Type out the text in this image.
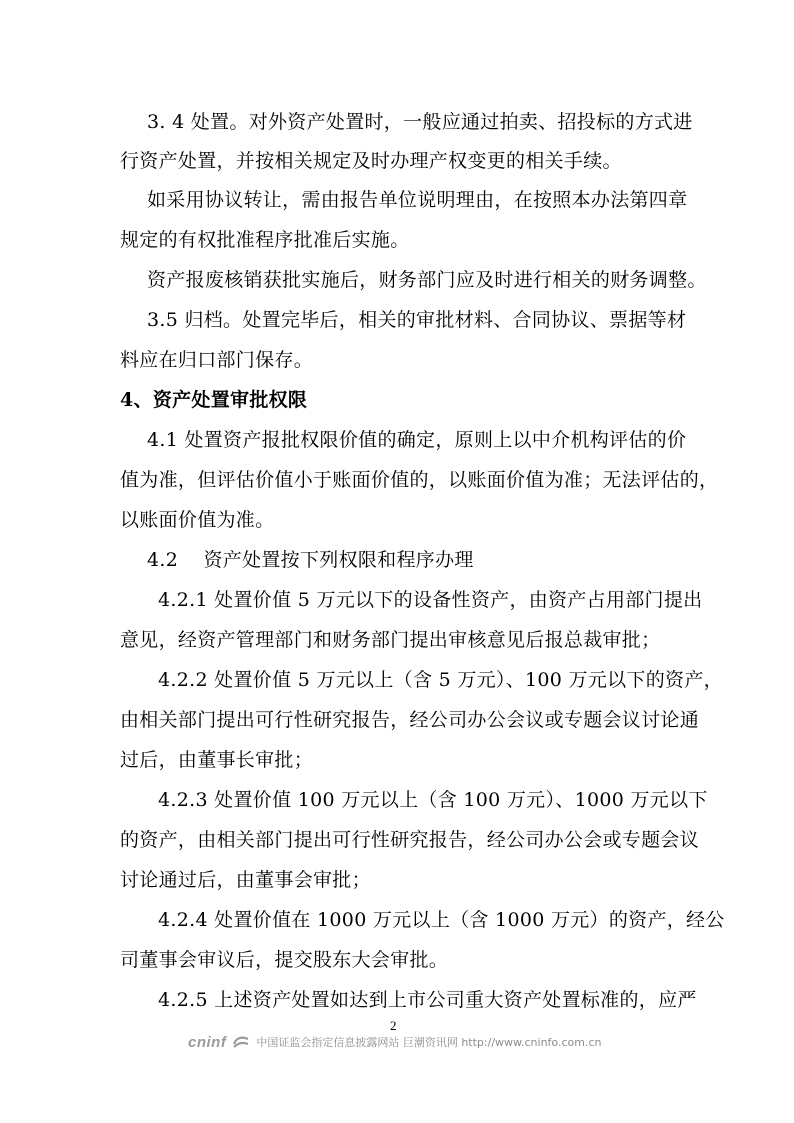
3. 4 处置。对外资产处置时，一般应通过拍卖、招投标的方式进
行资产处置，并按相关规定及时办理产权变更的相关手续。
如采用协议转让，需由报告单位说明理由，在按照本办法第四章
规定的有权批准程序批准后实施。
资产报废核销获批实施后，财务部门应及时进行相关的财务调整。
3.5 归档。处置完毕后，相关的审批材料、合同协议、票据等材
料应在归口部门保存。
4、资产处置审批权限
4.1 处置资产报批权限价值的确定，原则上以中介机构评估的价
值为准，但评估价值小于账面价值的，以账面价值为准；无法评估的，
以账面价值为准。
4.2    资产处置按下列权限和程序办理
4.2.1 处置价值 5 万元以下的设备性资产，由资产占用部门提出
意见，经资产管理部门和财务部门提出审核意见后报总裁审批；
4.2.2 处置价值 5 万元以上（含 5 万元）、100 万元以下的资产，
由相关部门提出可行性研究报告，经公司办公会议或专题会议讨论通
过后，由董事长审批；
4.2.3 处置价值 100 万元以上（含 100 万元）、1000 万元以下
的资产，由相关部门提出可行性研究报告，经公司办公会或专题会议
讨论通过后，由董事会审批；
4.2.4 处置价值在 1000 万元以上（含 1000 万元）的资产，经公
司董事会审议后，提交股东大会审批。
4.2.5 上述资产处置如达到上市公司重大资产处置标准的，应严
2
cninf	中国证监会指定信息披露网站 巨潮资讯网 http://www.cninfo.com.cn
